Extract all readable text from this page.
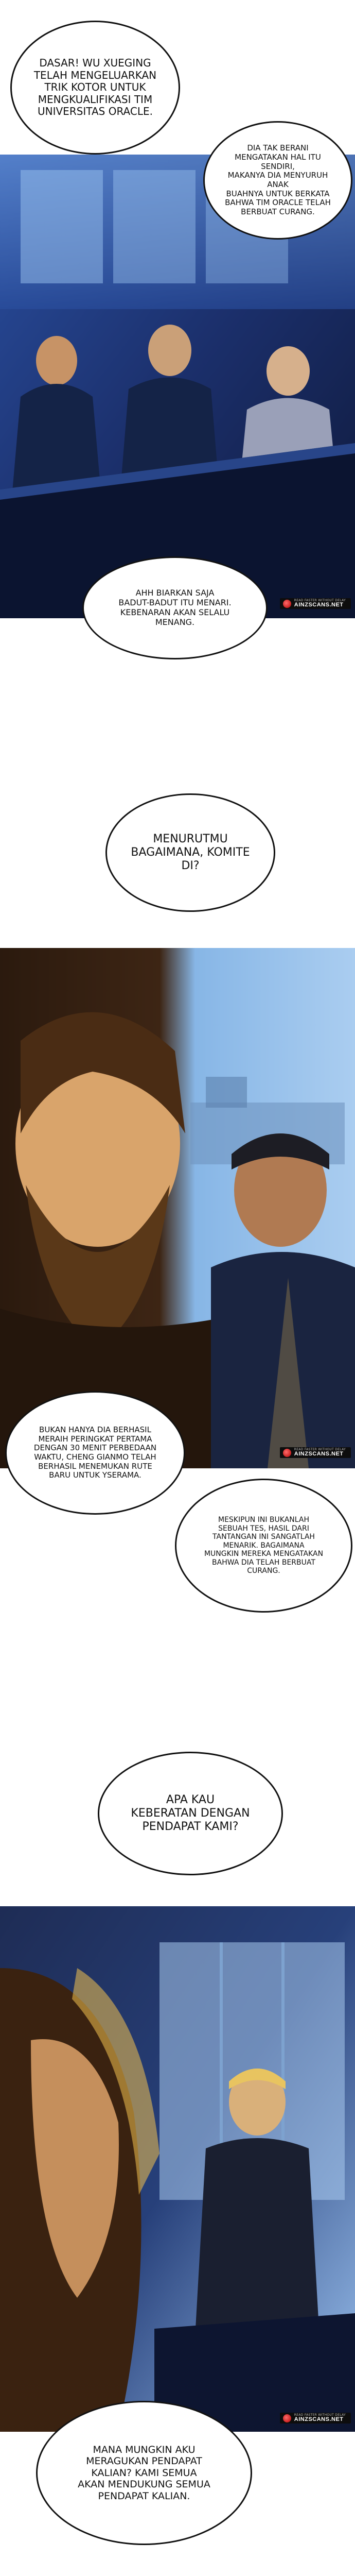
READ FASTER WITHOUT DELAY
AINZSCANS.NET
DASAR! WU XUEGING
TELAH MENGELUARKAN
TRIK KOTOR UNTUK
MENGKUALIFIKASI TIM
UNIVERSITAS ORACLE.
DIA TAK BERANI
MENGATAKAN HAL ITU SENDIRI,
MAKANYA DIA MENYURUH ANAK
BUAHNYA UNTUK BERKATA
BAHWA TIM ORACLE TELAH
BERBUAT CURANG.
AHH BIARKAN SAJA
BADUT-BADUT ITU MENARI.
KEBENARAN AKAN SELALU
MENANG.
READ FASTER WITHOUT DELAY
AINZSCANS.NET
MENURUTMU
BAGAIMANA, KOMITE
DI?
BUKAN HANYA DIA BERHASIL
MERAIH PERINGKAT PERTAMA
DENGAN 30 MENIT PERBEDAAN
WAKTU, CHENG GIANMO TELAH
BERHASIL MENEMUKAN RUTE
BARU UNTUK YSERAMA.
MESKIPUN INI BUKANLAH
SEBUAH TES, HASIL DARI
TANTANGAN INI SANGATLAH
MENARIK. BAGAIMANA
MUNGKIN MEREKA MENGATAKAN
BAHWA DIA TELAH BERBUAT
CURANG.
READ FASTER WITHOUT DELAY
AINZSCANS.NET
APA KAU
KEBERATAN DENGAN
PENDAPAT KAMI?
MANA MUNGKIN AKU
MERAGUKAN PENDAPAT
KALIAN? KAMI SEMUA
AKAN MENDUKUNG SEMUA
PENDAPAT KALIAN.
